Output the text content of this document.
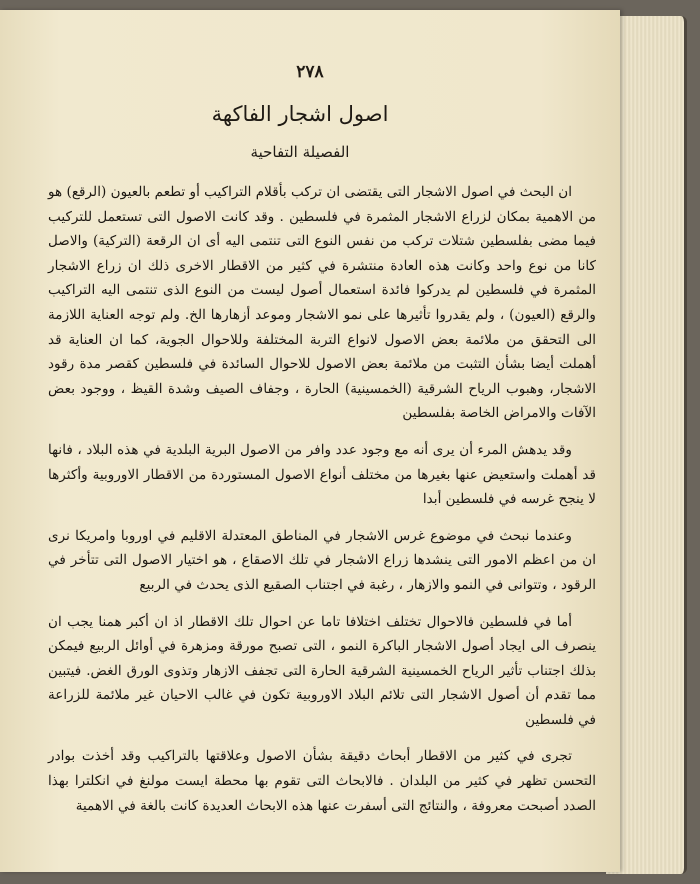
٢٧٨
اصول اشجار الفاكهة
الفصيلة التفاحية

ان البحث في اصول الاشجار التى يقتضى ان تركب بأقلام التراكيب أو تطعم بالعيون (الرقع) هو من الاهمية بمكان لزراع الاشجار المثمرة في فلسطين . وقد كانت الاصول التى تستعمل للتركيب فيما مضى بفلسطين شتلات تركب من نفس النوع التى تنتمى اليه أى ان الرقعة (التركية) والاصل كانا من نوع واحد وكانت هذه العادة منتشرة في كثير من الاقطار الاخرى ذلك ان زراع الاشجار المثمرة في فلسطين لم يدركوا فائدة استعمال أصول ليست من النوع الذى تنتمى اليه التراكيب والرقع (العيون) ، ولم يقدروا تأثيرها على نمو الاشجار وموعد أزهارها الخ. ولم توجه العناية اللازمة الى التحقق من ملائمة بعض الاصول لانواع التربة المختلفة وللاحوال الجوية، كما ان العناية قد أهملت أيضا بشأن التثبت من ملائمة بعض الاصول للاحوال السائدة في فلسطين كقصر مدة رقود الاشجار، وهبوب الرياح الشرقية (الخمسينية) الحارة ، وجفاف الصيف وشدة القيظ ، ووجود بعض الآفات والامراض الخاصة بفلسطين

وقد يدهش المرء أن يرى أنه مع وجود عدد وافر من الاصول البرية البلدية في هذه البلاد ، فانها قد أهملت واستعيض عنها بغيرها من مختلف أنواع الاصول المستوردة من الاقطار الاوروبية وأكثرها لا ينجح غرسه في فلسطين أبدا

وعندما نبحث في موضوع غرس الاشجار في المناطق المعتدلة الاقليم في اوروبا وامريكا نرى ان من اعظم الامور التى ينشدها زراع الاشجار في تلك الاصقاع ، هو اختيار الاصول التى تتأخر في الرقود ، وتتوانى في النمو والازهار ، رغبة في اجتناب الصقيع الذى يحدث في الربيع

أما في فلسطين فالاحوال تختلف اختلافا تاما عن احوال تلك الاقطار اذ ان أكبر همنا يجب ان ينصرف الى ايجاد أصول الاشجار الباكرة النمو ، التى تصبح مورقة ومزهرة في أوائل الربيع فيمكن بذلك اجتناب تأثير الرياح الخمسينية الشرقية الحارة التى تجفف الازهار وتذوى الورق الغض. فيتبين مما تقدم أن أصول الاشجار التى تلائم البلاد الاوروبية تكون في غالب الاحيان غير ملائمة للزراعة في فلسطين

تجرى في كثير من الاقطار أبحاث دقيقة بشأن الاصول وعلاقتها بالتراكيب وقد أخذت بوادر التحسن تظهر في كثير من البلدان . فالابحاث التى تقوم بها محطة ايست مولنغ في انكلترا بهذا الصدد أصبحت معروفة ، والنتائج التى أسفرت عنها هذه الابحاث العديدة كانت بالغة في الاهمية
